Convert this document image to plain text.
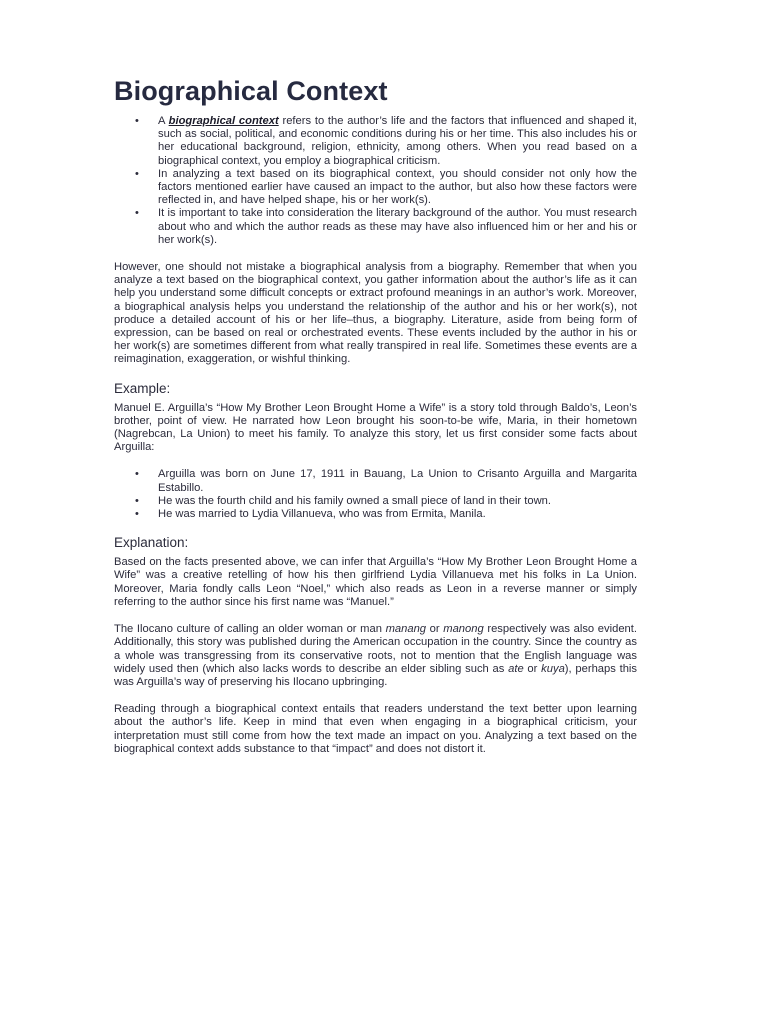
Biographical Context
• A biographical context refers to the author’s life and the factors that influenced and shaped it, such as social, political, and economic conditions during his or her time. This also includes his or her educational background, religion, ethnicity, among others. When you read based on a biographical context, you employ a biographical criticism.
• In analyzing a text based on its biographical context, you should consider not only how the factors mentioned earlier have caused an impact to the author, but also how these factors were reflected in, and have helped shape, his or her work(s).
• It is important to take into consideration the literary background of the author. You must research about who and which the author reads as these may have also influenced him or her and his or her work(s).

However, one should not mistake a biographical analysis from a biography. Remember that when you analyze a text based on the biographical context, you gather information about the author’s life as it can help you understand some difficult concepts or extract profound meanings in an author’s work. Moreover, a biographical analysis helps you understand the relationship of the author and his or her work(s), not produce a detailed account of his or her life–thus, a biography. Literature, aside from being form of expression, can be based on real or orchestrated events. These events included by the author in his or her work(s) are sometimes different from what really transpired in real life. Sometimes these events are a reimagination, exaggeration, or wishful thinking.

Example:

Manuel E. Arguilla’s “How My Brother Leon Brought Home a Wife” is a story told through Baldo’s, Leon’s brother, point of view. He narrated how Leon brought his soon-to-be wife, Maria, in their hometown (Nagrebcan, La Union) to meet his family. To analyze this story, let us first consider some facts about Arguilla:

• Arguilla was born on June 17, 1911 in Bauang, La Union to Crisanto Arguilla and Margarita Estabillo.
• He was the fourth child and his family owned a small piece of land in their town.
• He was married to Lydia Villanueva, who was from Ermita, Manila.
Explanation:

Based on the facts presented above, we can infer that Arguilla’s “How My Brother Leon Brought Home a Wife” was a creative retelling of how his then girlfriend Lydia Villanueva met his folks in La Union. Moreover, Maria fondly calls Leon “Noel,” which also reads as Leon in a reverse manner or simply referring to the author since his first name was “Manuel.”

The Ilocano culture of calling an older woman or man manang or manong respectively was also evident. Additionally, this story was published during the American occupation in the country. Since the country as a whole was transgressing from its conservative roots, not to mention that the English language was widely used then (which also lacks words to describe an elder sibling such as ate or kuya), perhaps this was Arguilla’s way of preserving his Ilocano upbringing.

Reading through a biographical context entails that readers understand the text better upon learning about the author’s life. Keep in mind that even when engaging in a biographical criticism, your interpretation must still come from how the text made an impact on you. Analyzing a text based on the biographical context adds substance to that “impact” and does not distort it.
